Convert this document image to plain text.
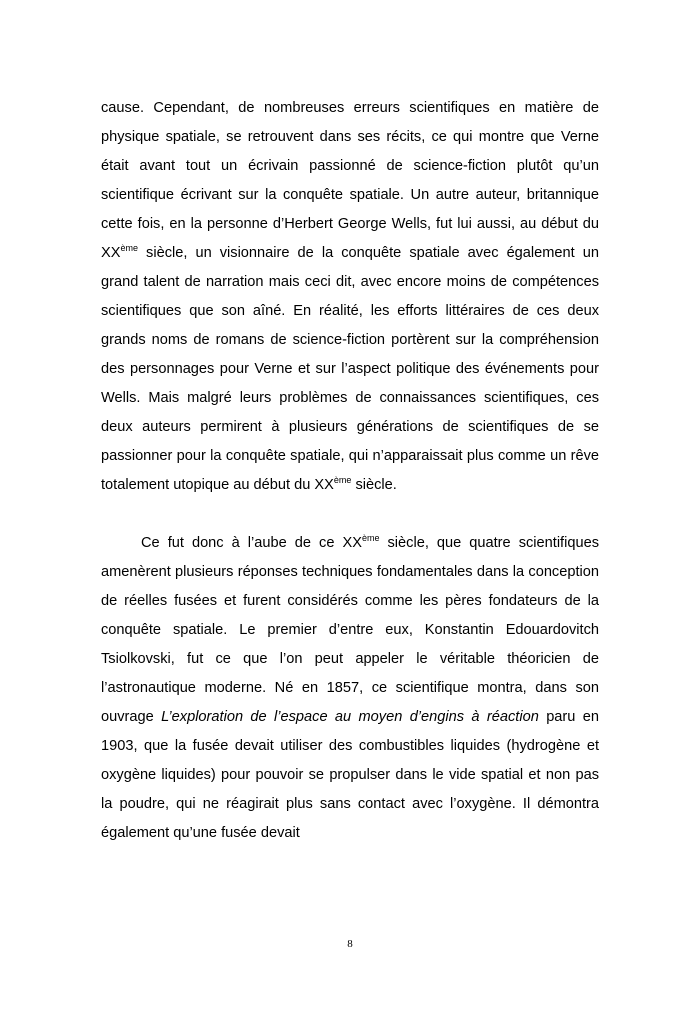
cause. Cependant, de nombreuses erreurs scientifiques en matière de physique spatiale, se retrouvent dans ses récits, ce qui montre que Verne était avant tout un écrivain passionné de science-fiction plutôt qu’un scientifique écrivant sur la conquête spatiale. Un autre auteur, britannique cette fois, en la personne d’Herbert George Wells, fut lui aussi, au début du XXème siècle, un visionnaire de la conquête spatiale avec également un grand talent de narration mais ceci dit, avec encore moins de compétences scientifiques que son aîné. En réalité, les efforts littéraires de ces deux grands noms de romans de science-fiction portèrent sur la compréhension des personnages pour Verne et sur l’aspect politique des événements pour Wells. Mais malgré leurs problèmes de connaissances scientifiques, ces deux auteurs permirent à plusieurs générations de scientifiques de se passionner pour la conquête spatiale, qui n’apparaissait plus comme un rêve totalement utopique au début du XXème siècle.

Ce fut donc à l’aube de ce XXème siècle, que quatre scientifiques amenèrent plusieurs réponses techniques fondamentales dans la conception de réelles fusées et furent considérés comme les pères fondateurs de la conquête spatiale. Le premier d’entre eux, Konstantin Edouardovitch Tsiolkovski, fut ce que l’on peut appeler le véritable théoricien de l’astronautique moderne. Né en 1857, ce scientifique montra, dans son ouvrage L’exploration de l’espace au moyen d’engins à réaction paru en 1903, que la fusée devait utiliser des combustibles liquides (hydrogène et oxygène liquides) pour pouvoir se propulser dans le vide spatial et non pas la poudre, qui ne réagirait plus sans contact avec l’oxygène. Il démontra également qu’une fusée devait

8
